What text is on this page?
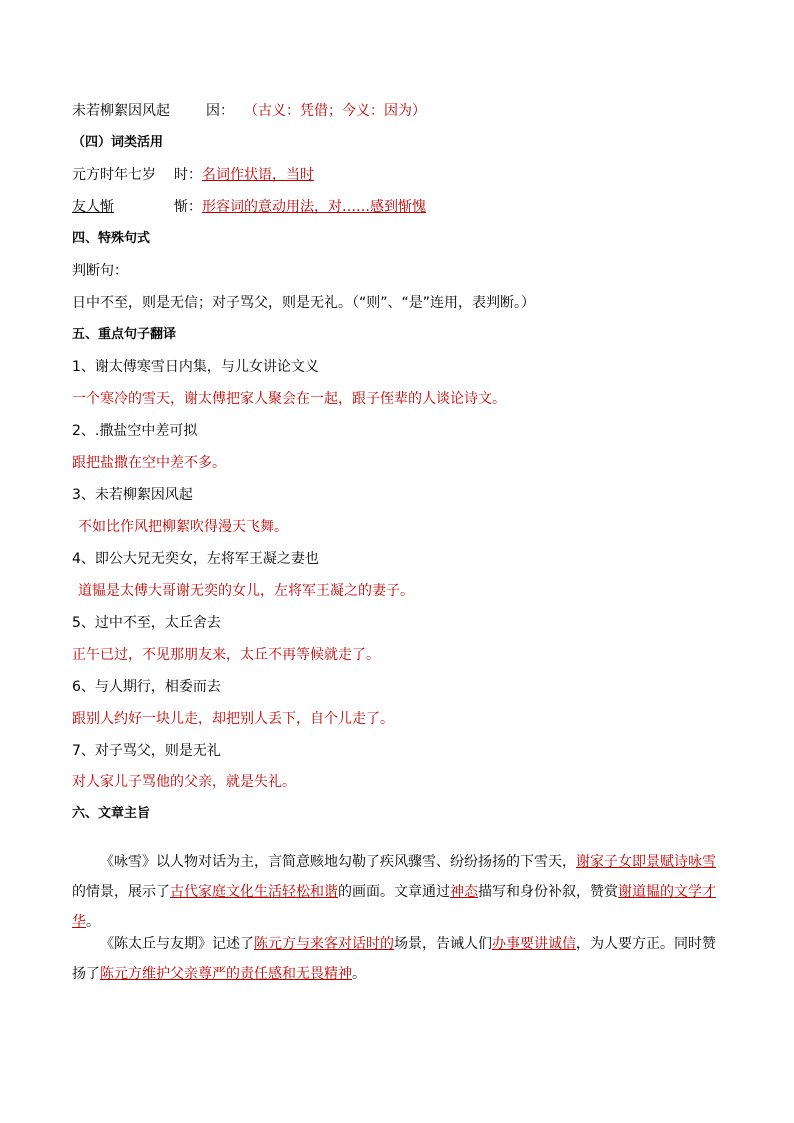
未若柳絮因风起	因： （古义：凭借；今义：因为）
（四）词类活用
元方时年七岁 时：名词作状语，当时
友人惭	惭：形容词的意动用法，对……感到惭愧
四、特殊句式
判断句：
日中不至，则是无信；对子骂父，则是无礼。（“则”、“是”连用，表判断。）
五、重点句子翻译
1、谢太傅寒雪日内集，与儿女讲论文义
一个寒冷的雪天，谢太傅把家人聚会在一起，跟子侄辈的人谈论诗文。
2、.撒盐空中差可拟
跟把盐撒在空中差不多。
3、未若柳絮因风起
不如比作风把柳絮吹得漫天飞舞。
4、即公大兄无奕女，左将军王凝之妻也
道韫是太傅大哥谢无奕的女儿，左将军王凝之的妻子。
5、过中不至，太丘舍去
正午已过，不见那朋友来，太丘不再等候就走了。
6、与人期行，相委而去
跟别人约好一块儿走，却把别人丢下，自个儿走了。
7、对子骂父，则是无礼
对人家儿子骂他的父亲，就是失礼。
六、文章主旨
《咏雪》以人物对话为主，言简意赅地勾勒了疾风骤雪、纷纷扬扬的下雪天，谢家子女即景赋诗咏雪的情景，展示了古代家庭文化生活轻松和谐的画面。文章通过神态描写和身份补叙，赞赏谢道韫的文学才华。
《陈太丘与友期》记述了陈元方与来客对话时的场景，告诫人们办事要讲诚信，为人要方正。同时赞扬了陈元方维护父亲尊严的责任感和无畏精神。
